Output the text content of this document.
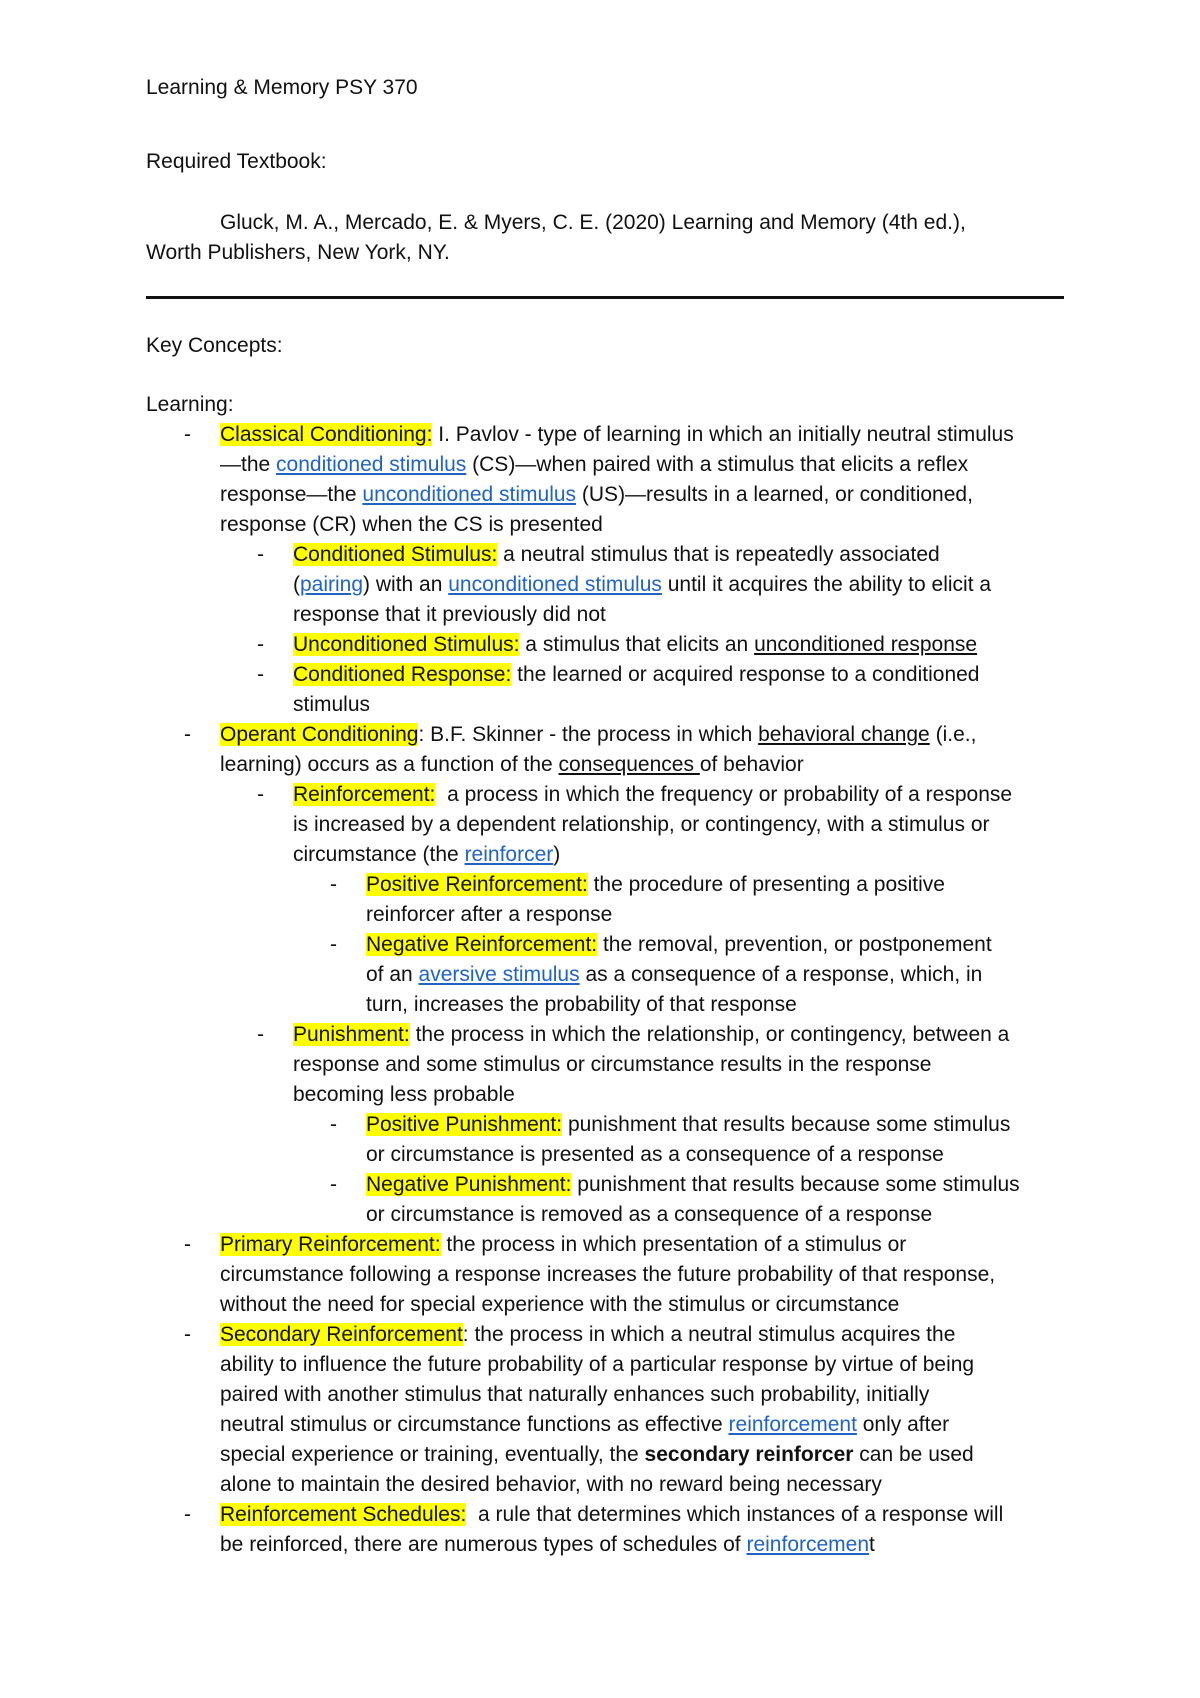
Learning & Memory PSY 370
Required Textbook:
Gluck, M. A., Mercado, E. & Myers, C. E. (2020) Learning and Memory (4th ed.),
Worth Publishers, New York, NY.
Key Concepts:
Learning:
- Classical Conditioning: I. Pavlov - type of learning in which an initially neutral stimulus
—the conditioned stimulus (CS)—when paired with a stimulus that elicits a reflex
response—the unconditioned stimulus (US)—results in a learned, or conditioned,
response (CR) when the CS is presented
- Conditioned Stimulus: a neutral stimulus that is repeatedly associated
(pairing) with an unconditioned stimulus until it acquires the ability to elicit a
response that it previously did not
- Unconditioned Stimulus: a stimulus that elicits an unconditioned response
- Conditioned Response: the learned or acquired response to a conditioned
stimulus
- Operant Conditioning: B.F. Skinner - the process in which behavioral change (i.e.,
learning) occurs as a function of the consequences of behavior
- Reinforcement:  a process in which the frequency or probability of a response
is increased by a dependent relationship, or contingency, with a stimulus or
circumstance (the reinforcer)
- Positive Reinforcement: the procedure of presenting a positive
reinforcer after a response
- Negative Reinforcement: the removal, prevention, or postponement
of an aversive stimulus as a consequence of a response, which, in
turn, increases the probability of that response
- Punishment: the process in which the relationship, or contingency, between a
response and some stimulus or circumstance results in the response
becoming less probable
- Positive Punishment: punishment that results because some stimulus
or circumstance is presented as a consequence of a response
- Negative Punishment: punishment that results because some stimulus
or circumstance is removed as a consequence of a response
- Primary Reinforcement: the process in which presentation of a stimulus or
circumstance following a response increases the future probability of that response,
without the need for special experience with the stimulus or circumstance
- Secondary Reinforcement: the process in which a neutral stimulus acquires the
ability to influence the future probability of a particular response by virtue of being
paired with another stimulus that naturally enhances such probability, initially
neutral stimulus or circumstance functions as effective reinforcement only after
special experience or training, eventually, the secondary reinforcer can be used
alone to maintain the desired behavior, with no reward being necessary
- Reinforcement Schedules:  a rule that determines which instances of a response will
be reinforced, there are numerous types of schedules of reinforcement
